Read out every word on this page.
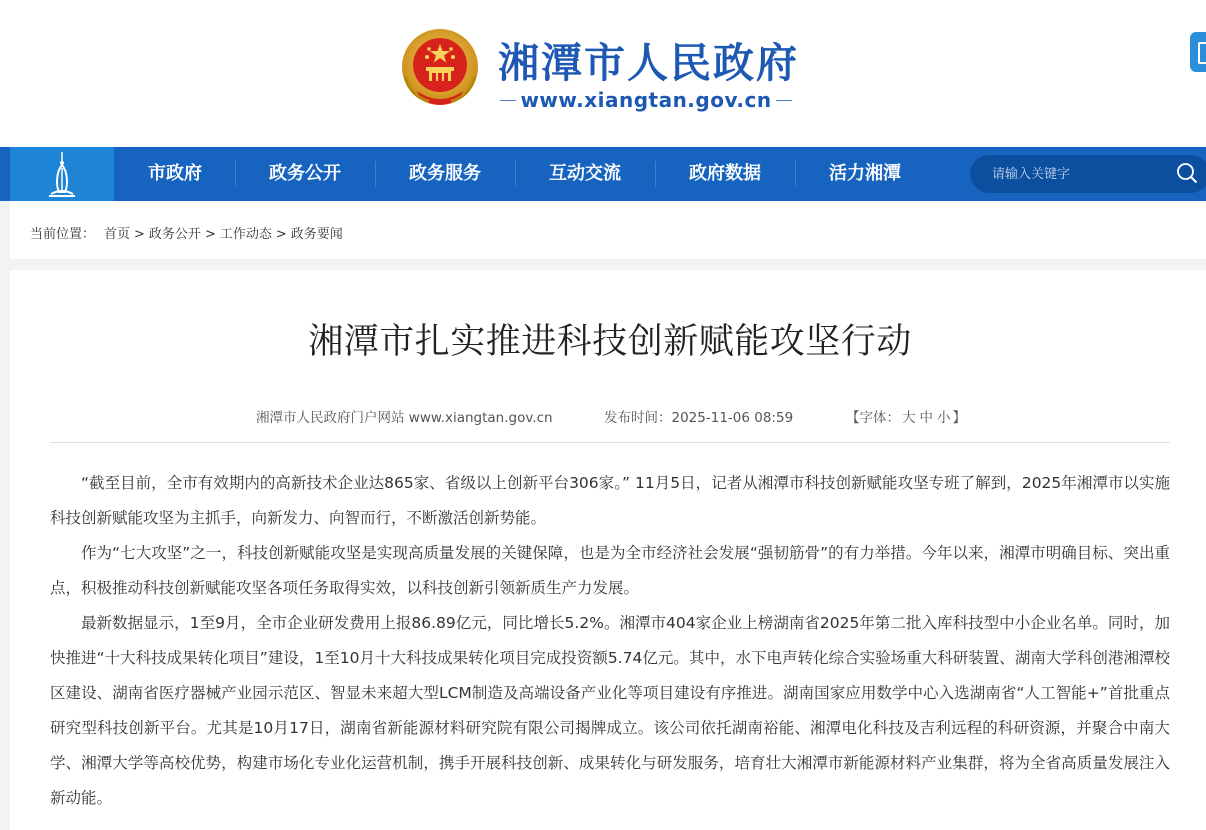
湘潭市人民政府
www.xiangtan.gov.cn
市政府	政务公开	政务服务	互动交流	政府数据	活力湘潭
请输入关键字
当前位置： 首页 > 政务公开 > 工作动态 > 政务要闻
湘潭市扎实推进科技创新赋能攻坚行动
湘潭市人民政府门户网站 www.xiangtan.gov.cn	发布时间：2025-11-06 08:59	【字体： 大 中 小 】

“截至目前，全市有效期内的高新技术企业达865家、省级以上创新平台306家。” 11月5日，记者从湘潭市科技创新赋能攻坚专班了解到，2025年湘潭市以实施科技创新赋能攻坚为主抓手，向新发力、向智而行，不断激活创新势能。

作为“七大攻坚”之一，科技创新赋能攻坚是实现高质量发展的关键保障，也是为全市经济社会发展“强韧筋骨”的有力举措。今年以来，湘潭市明确目标、突出重点，积极推动科技创新赋能攻坚各项任务取得实效，以科技创新引领新质生产力发展。

最新数据显示，1至9月，全市企业研发费用上报86.89亿元，同比增长5.2%。湘潭市404家企业上榜湖南省2025年第二批入库科技型中小企业名单。同时，加快推进“十大科技成果转化项目”建设，1至10月十大科技成果转化项目完成投资额5.74亿元。其中，水下电声转化综合实验场重大科研装置、湖南大学科创港湘潭校区建设、湖南省医疗器械产业园示范区、智显未来超大型LCM制造及高端设备产业化等项目建设有序推进。湖南国家应用数学中心入选湖南省“人工智能+”首批重点研究型科技创新平台。尤其是10月17日，湖南省新能源材料研究院有限公司揭牌成立。该公司依托湖南裕能、湘潭电化科技及吉利远程的科研资源，并聚合中南大学、湘潭大学等高校优势，构建市场化专业化运营机制，携手开展科技创新、成果转化与研发服务，培育壮大湘潭市新能源材料产业集群，将为全省高质量发展注入新动能。
